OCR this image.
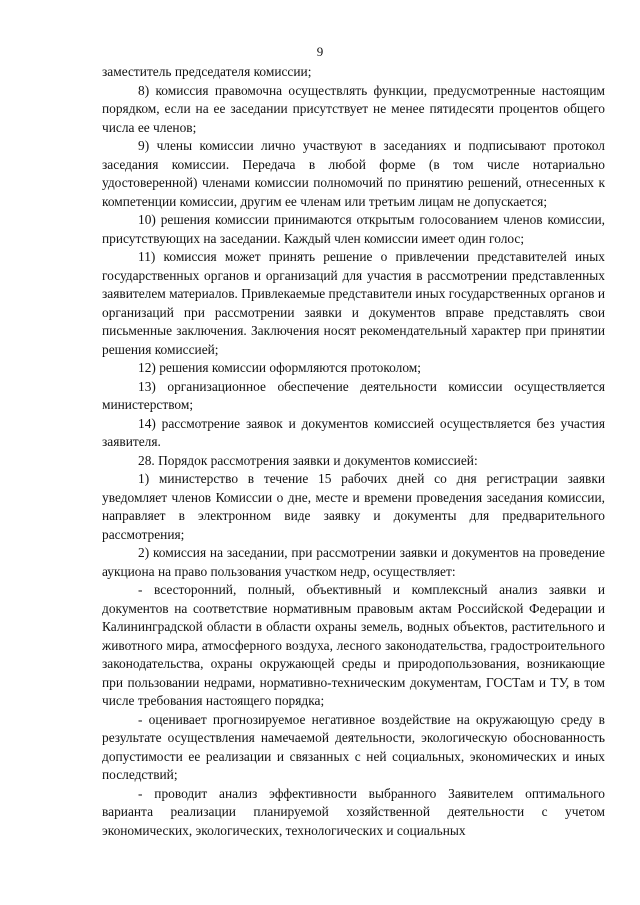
9

заместитель председателя комиссии;

8) комиссия правомочна осуществлять функции, предусмотренные настоящим порядком, если на ее заседании присутствует не менее пятидесяти процентов общего числа ее членов;

9) члены комиссии лично участвуют в заседаниях и подписывают протокол заседания комиссии. Передача в любой форме (в том числе нотариально удостоверенной) членами комиссии полномочий по принятию решений, отнесенных к компетенции комиссии, другим ее членам или третьим лицам не допускается;

10) решения комиссии принимаются открытым голосованием членов комиссии, присутствующих на заседании. Каждый член комиссии имеет один голос;

11) комиссия может принять решение о привлечении представителей иных государственных органов и организаций для участия в рассмотрении представленных заявителем материалов. Привлекаемые представители иных государственных органов и организаций при рассмотрении заявки и документов вправе представлять свои письменные заключения. Заключения носят рекомендательный характер при принятии решения комиссией;

12) решения комиссии оформляются протоколом;

13) организационное обеспечение деятельности комиссии осуществляется министерством;

14) рассмотрение заявок и документов комиссией осуществляется без участия заявителя.

28. Порядок рассмотрения заявки и документов комиссией:

1) министерство в течение 15 рабочих дней со дня регистрации заявки уведомляет членов Комиссии о дне, месте и времени проведения заседания комиссии, направляет в электронном виде заявку и документы для предварительного рассмотрения;

2) комиссия на заседании, при рассмотрении заявки и документов на проведение аукциона на право пользования участком недр, осуществляет:

- всесторонний, полный, объективный и комплексный анализ заявки и документов на соответствие нормативным правовым актам Российской Федерации и Калининградской области в области охраны земель, водных объектов, растительного и животного мира, атмосферного воздуха, лесного законодательства, градостроительного законодательства, охраны окружающей среды и природопользования, возникающие при пользовании недрами, нормативно-техническим документам, ГОСТам и ТУ, в том числе требования настоящего порядка;

- оценивает прогнозируемое негативное воздействие на окружающую среду в результате осуществления намечаемой деятельности, экологическую обоснованность допустимости ее реализации и связанных с ней социальных, экономических и иных последствий;

- проводит анализ эффективности выбранного Заявителем оптимального варианта реализации планируемой хозяйственной деятельности с учетом экономических, экологических, технологических и социальных
